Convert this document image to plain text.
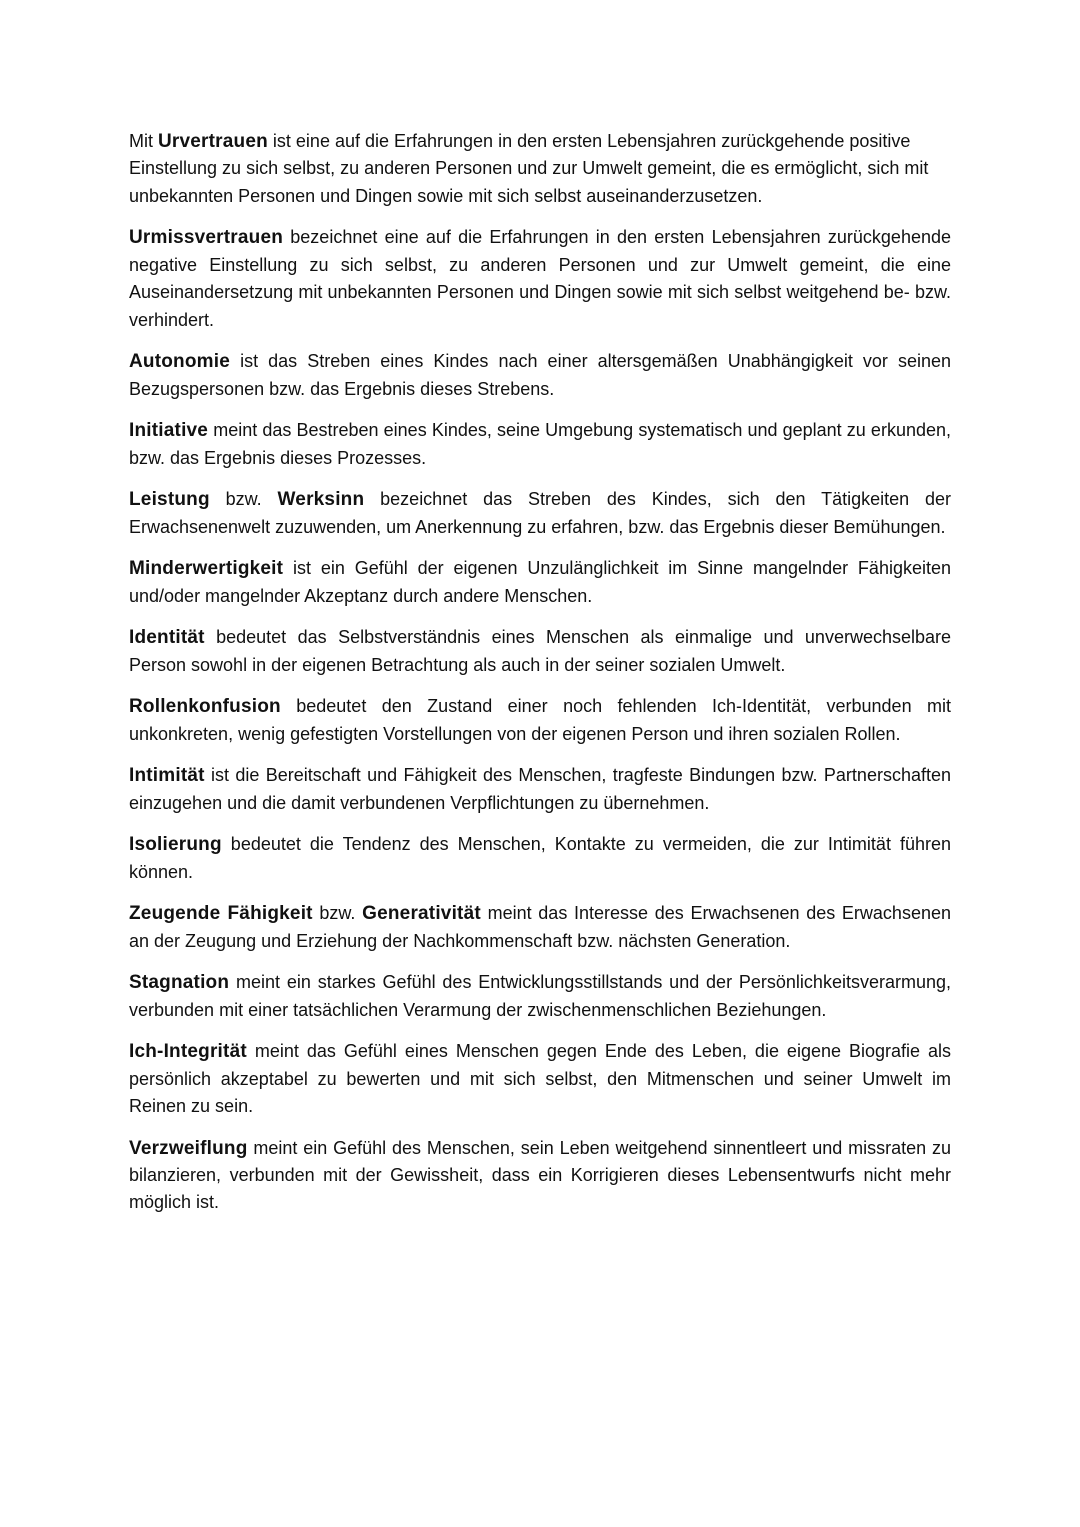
Mit Urvertrauen ist eine auf die Erfahrungen in den ersten Lebensjahren zurückgehende positive Einstellung zu sich selbst, zu anderen Personen und zur Umwelt gemeint, die es ermöglicht, sich mit unbekannten Personen und Dingen sowie mit sich selbst auseinanderzusetzen.

Urmissvertrauen bezeichnet eine auf die Erfahrungen in den ersten Lebensjahren zurückgehende negative Einstellung zu sich selbst, zu anderen Personen und zur Umwelt gemeint, die eine Auseinandersetzung mit unbekannten Personen und Dingen sowie mit sich selbst weitgehend be- bzw. verhindert.

Autonomie ist das Streben eines Kindes nach einer altersgemäßen Unabhängigkeit vor seinen Bezugspersonen bzw. das Ergebnis dieses Strebens.

Initiative meint das Bestreben eines Kindes, seine Umgebung systematisch und geplant zu erkunden, bzw. das Ergebnis dieses Prozesses.

Leistung bzw. Werksinn bezeichnet das Streben des Kindes, sich den Tätigkeiten der Erwachsenenwelt zuzuwenden, um Anerkennung zu erfahren, bzw. das Ergebnis dieser Bemühungen.

Minderwertigkeit ist ein Gefühl der eigenen Unzulänglichkeit im Sinne mangelnder Fähigkeiten und/oder mangelnder Akzeptanz durch andere Menschen.

Identität bedeutet das Selbstverständnis eines Menschen als einmalige und unverwechselbare Person sowohl in der eigenen Betrachtung als auch in der seiner sozialen Umwelt.

Rollenkonfusion bedeutet den Zustand einer noch fehlenden Ich-Identität, verbunden mit unkonkreten, wenig gefestigten Vorstellungen von der eigenen Person und ihren sozialen Rollen.

Intimität ist die Bereitschaft und Fähigkeit des Menschen, tragfeste Bindungen bzw. Partnerschaften einzugehen und die damit verbundenen Verpflichtungen zu übernehmen.

Isolierung bedeutet die Tendenz des Menschen, Kontakte zu vermeiden, die zur Intimität führen können.

Zeugende Fähigkeit bzw. Generativität meint das Interesse des Erwachsenen des Erwachsenen an der Zeugung und Erziehung der Nachkommenschaft bzw. nächsten Generation.

Stagnation meint ein starkes Gefühl des Entwicklungsstillstands und der Persönlichkeitsverarmung, verbunden mit einer tatsächlichen Verarmung der zwischenmenschlichen Beziehungen.

Ich-Integrität meint das Gefühl eines Menschen gegen Ende des Leben, die eigene Biografie als persönlich akzeptabel zu bewerten und mit sich selbst, den Mitmenschen und seiner Umwelt im Reinen zu sein.

Verzweiflung meint ein Gefühl des Menschen, sein Leben weitgehend sinnentleert und missraten zu bilanzieren, verbunden mit der Gewissheit, dass ein Korrigieren dieses Lebensentwurfs nicht mehr möglich ist.
